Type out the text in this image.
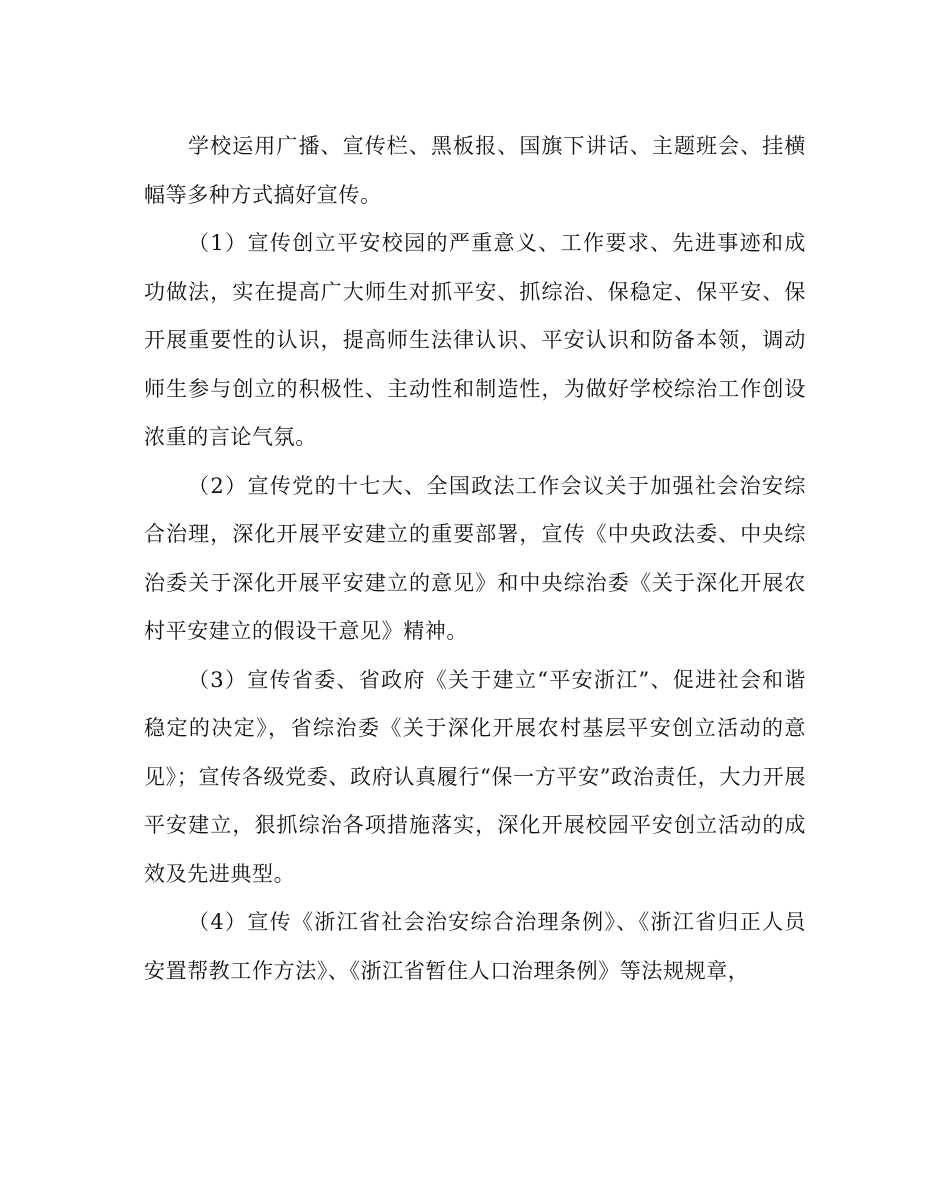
学校运用广播、宣传栏、黑板报、国旗下讲话、主题班会、挂横幅等多种方式搞好宣传。

（1）宣传创立平安校园的严重意义、工作要求、先进事迹和成功做法，实在提高广大师生对抓平安、抓综治、保稳定、保平安、保开展重要性的认识，提高师生法律认识、平安认识和防备本领，调动师生参与创立的积极性、主动性和制造性，为做好学校综治工作创设浓重的言论气氛。

（2）宣传党的十七大、全国政法工作会议关于加强社会治安综合治理，深化开展平安建立的重要部署，宣传《中央政法委、中央综治委关于深化开展平安建立的意见》和中央综治委《关于深化开展农村平安建立的假设干意见》精神。

（3）宣传省委、省政府《关于建立“平安浙江”、促进社会和谐稳定的决定》，省综治委《关于深化开展农村基层平安创立活动的意见》；宣传各级党委、政府认真履行“保一方平安”政治责任，大力开展平安建立，狠抓综治各项措施落实，深化开展校园平安创立活动的成效及先进典型。

（4）宣传《浙江省社会治安综合治理条例》、《浙江省归正人员安置帮教工作方法》、《浙江省暂住人口治理条例》等法规规章，
